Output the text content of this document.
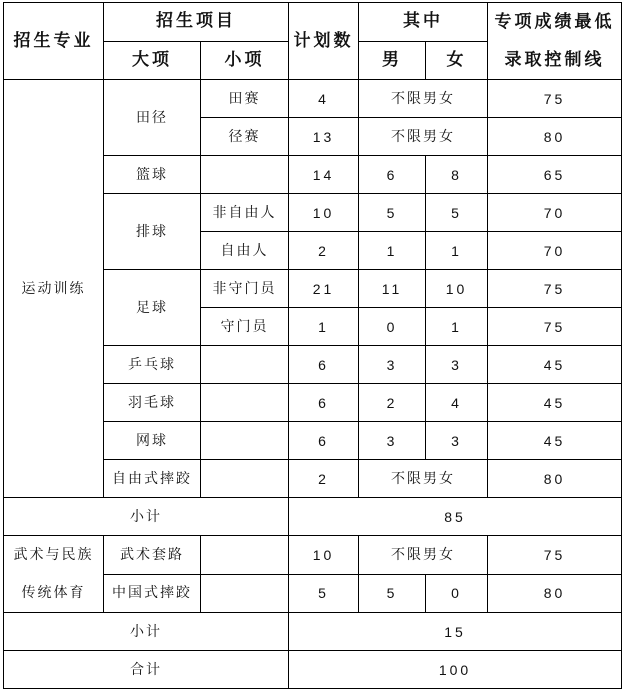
招生专业	招生项目		计划数	其中		专项成绩最低
录取控制线

	大项	小项		男	女	
运动训练	田径	田赛	4	不限男女		75
		径赛	13	不限男女		80
	篮球		14	6	8	65
	排球	非自由人	10	5	5	70
		自由人	2	1	1	70
	足球	非守门员	21	11	10	75
		守门员	1	0	1	75
	乒乓球		6	3	3	45
	羽毛球		6	2	4	45
	网球		6	3	3	45
	自由式摔跤		2	不限男女		80
小计			85			

武术与民族
传统体育	武术套路		10	不限男女		75
	中国式摔跤		5	5	0	80
小计			15			
合计			100			
